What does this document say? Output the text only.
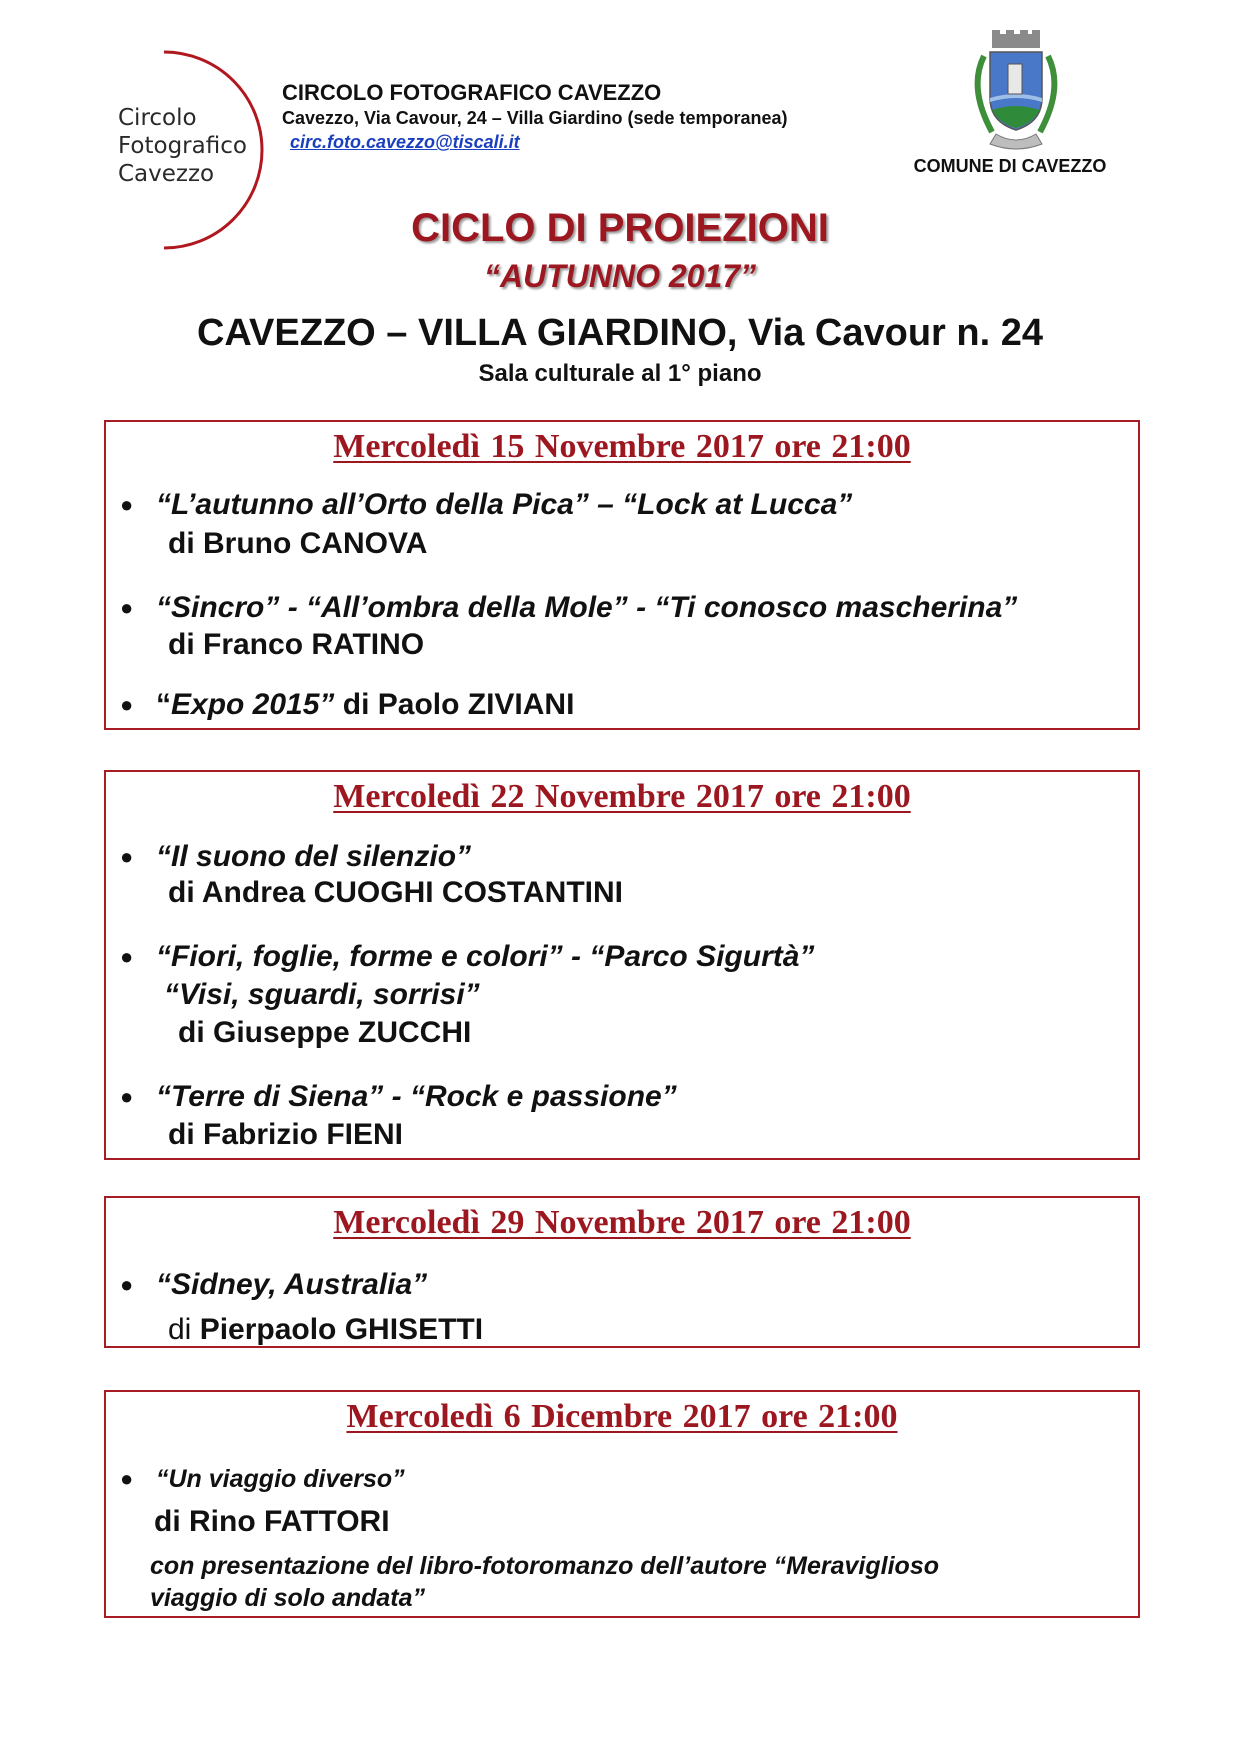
Circolo
Fotografico
Cavezzo
CIRCOLO FOTOGRAFICO CAVEZZO
Cavezzo, Via Cavour, 24 – Villa Giardino (sede temporanea)
circ.foto.cavezzo@tiscali.it
COMUNE DI CAVEZZO
CICLO DI PROIEZIONI
“AUTUNNO 2017”
CAVEZZO – VILLA GIARDINO, Via Cavour n. 24
Sala culturale al 1° piano
Mercoledì 15 Novembre 2017 ore 21:00
● “L’autunno all’Orto della Pica” – “Lock at Lucca”
di Bruno CANOVA
● “Sincro” - “All’ombra della Mole” - “Ti conosco mascherina”
di Franco RATINO
● “Expo 2015” di Paolo ZIVIANI
Mercoledì 22 Novembre 2017 ore 21:00
● “Il suono del silenzio”
di Andrea CUOGHI COSTANTINI
● “Fiori, foglie, forme e colori” - “Parco Sigurtà”
“Visi, sguardi, sorrisi”
di Giuseppe ZUCCHI
● “Terre di Siena” - “Rock e passione”
di Fabrizio FIENI
Mercoledì 29 Novembre 2017 ore 21:00
● “Sidney, Australia”
di Pierpaolo GHISETTI
Mercoledì 6 Dicembre 2017 ore 21:00
● “Un viaggio diverso”
di Rino FATTORI
con presentazione del libro-fotoromanzo dell’autore “Meraviglioso
viaggio di solo andata”
